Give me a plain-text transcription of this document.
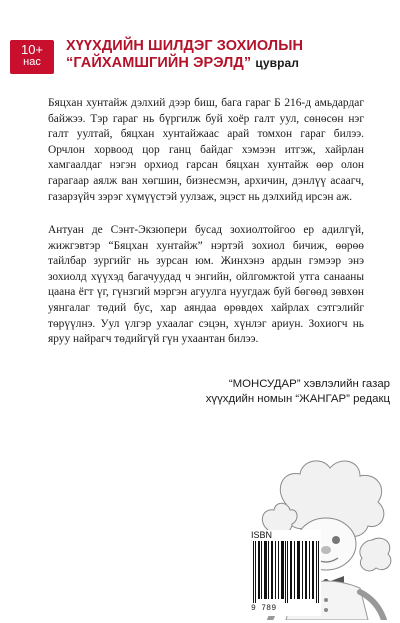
10+
нас
ХҮҮХДИЙН ШИЛДЭГ ЗОХИОЛЫН
“ГАЙХАМШГИЙН ЭРЭЛД” цуврал

Бяцхан хунтайж дэлхий дээр биш, бага гараг Б 216-д амьдардаг байжээ. Тэр гараг нь бүргилж буй хоёр галт уул, сөнөсөн нэг галт уултай, бяцхан хунтайжаас арай томхон гараг билээ. Орчлон хорвоод цор ганц байдаг хэмээн итгэж, хайрлан хамгаалдаг нэгэн орхиод гарсан бяцхан хунтайж өөр олон гарагаар аялж ван хөгшин, бизнесмэн, архичин, дэнлүү асаагч, газарзүйч зэрэг хүмүүстэй уулзаж, эцэст нь дэлхийд ирсэн аж.

Антуан де Сэнт-Экзюпери бусад зохиолтойгоо ер адилгүй, жижгэвтэр “Бяцхан хунтайж” нэртэй зохиол бичиж, өөрөө тайлбар зургийг нь зурсан юм. Жинхэнэ ардын гэмээр энэ зохиолд хүүхэд багачуудад ч энгийн, ойлгомжтой утга санааны цаана ёгт үг, гүнзгий мэргэн агуулга нуугдаж буй бөгөөд зөвхөн уянгалаг төдий бус, хар аяндаа өрөвдөх хайрлах сэтгэлийг төрүүлнэ. Уул үлгэр ухаалаг сэцэн, хүнлэг ариун. Зохиогч нь яруу найрагч төдийгүй гүн ухаантан билээ.

“МОНСУДАР” хэвлэлийн газар
хүүхдийн номын “ЖАНГАР” редакц
ISBN
9 789
